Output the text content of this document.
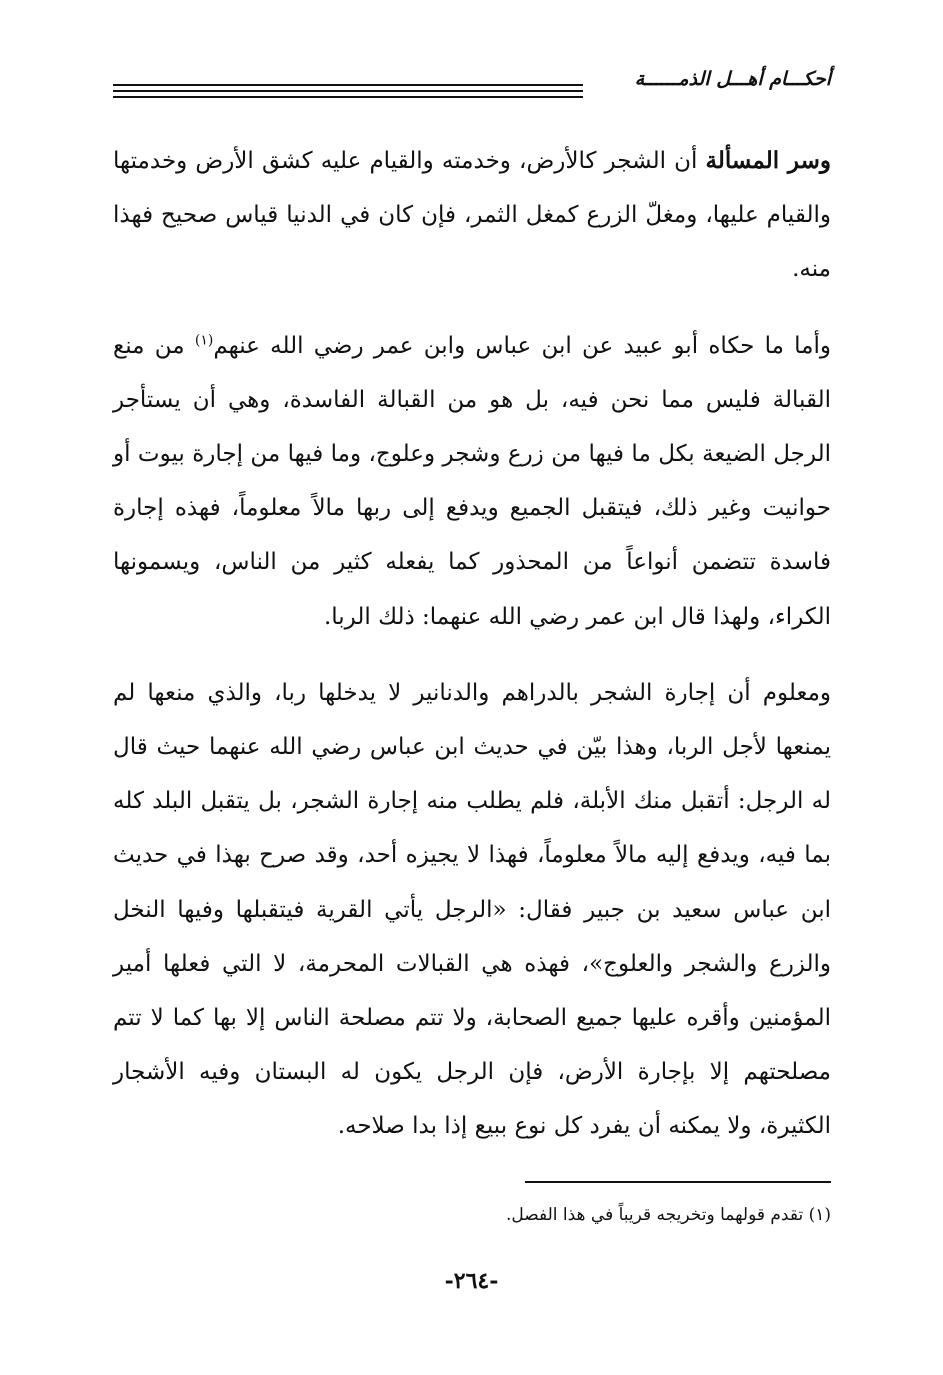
أحكـــام أهـــل الذمــــــة

وسر المسألة أن الشجر كالأرض، وخدمته والقيام عليه كشق الأرض وخدمتها والقيام عليها، ومغلّ الزرع كمغل الثمر، فإن كان في الدنيا قياس صحيح فهذا منه.

وأما ما حكاه أبو عبيد عن ابن عباس وابن عمر رضي الله عنهم$^{(١)}$ من منع القبالة فليس مما نحن فيه، بل هو من القبالة الفاسدة، وهي أن يستأجر الرجل الضيعة بكل ما فيها من زرع وشجر وعلوج، وما فيها من إجارة بيوت أو حوانيت وغير ذلك، فيتقبل الجميع ويدفع إلى ربها مالاً معلوماً، فهذه إجارة فاسدة تتضمن أنواعاً من المحذور كما يفعله كثير من الناس، ويسمونها الكراء، ولهذا قال ابن عمر رضي الله عنهما: ذلك الربا.

ومعلوم أن إجارة الشجر بالدراهم والدنانير لا يدخلها ربا، والذي منعها لم يمنعها لأجل الربا، وهذا بيّن في حديث ابن عباس رضي الله عنهما حيث قال له الرجل: أتقبل منك الأبلة، فلم يطلب منه إجارة الشجر، بل يتقبل البلد كله بما فيه، ويدفع إليه مالاً معلوماً، فهذا لا يجيزه أحد، وقد صرح بهذا في حديث ابن عباس سعيد بن جبير فقال: «الرجل يأتي القرية فيتقبلها وفيها النخل والزرع والشجر والعلوج»، فهذه هي القبالات المحرمة، لا التي فعلها أمير المؤمنين وأقره عليها جميع الصحابة، ولا تتم مصلحة الناس إلا بها كما لا تتم مصلحتهم إلا بإجارة الأرض، فإن الرجل يكون له البستان وفيه الأشجار الكثيرة، ولا يمكنه أن يفرد كل نوع ببيع إذا بدا صلاحه.

(١) تقدم قولهما وتخريجه قريباً في هذا الفصل.
-٢٦٤-
